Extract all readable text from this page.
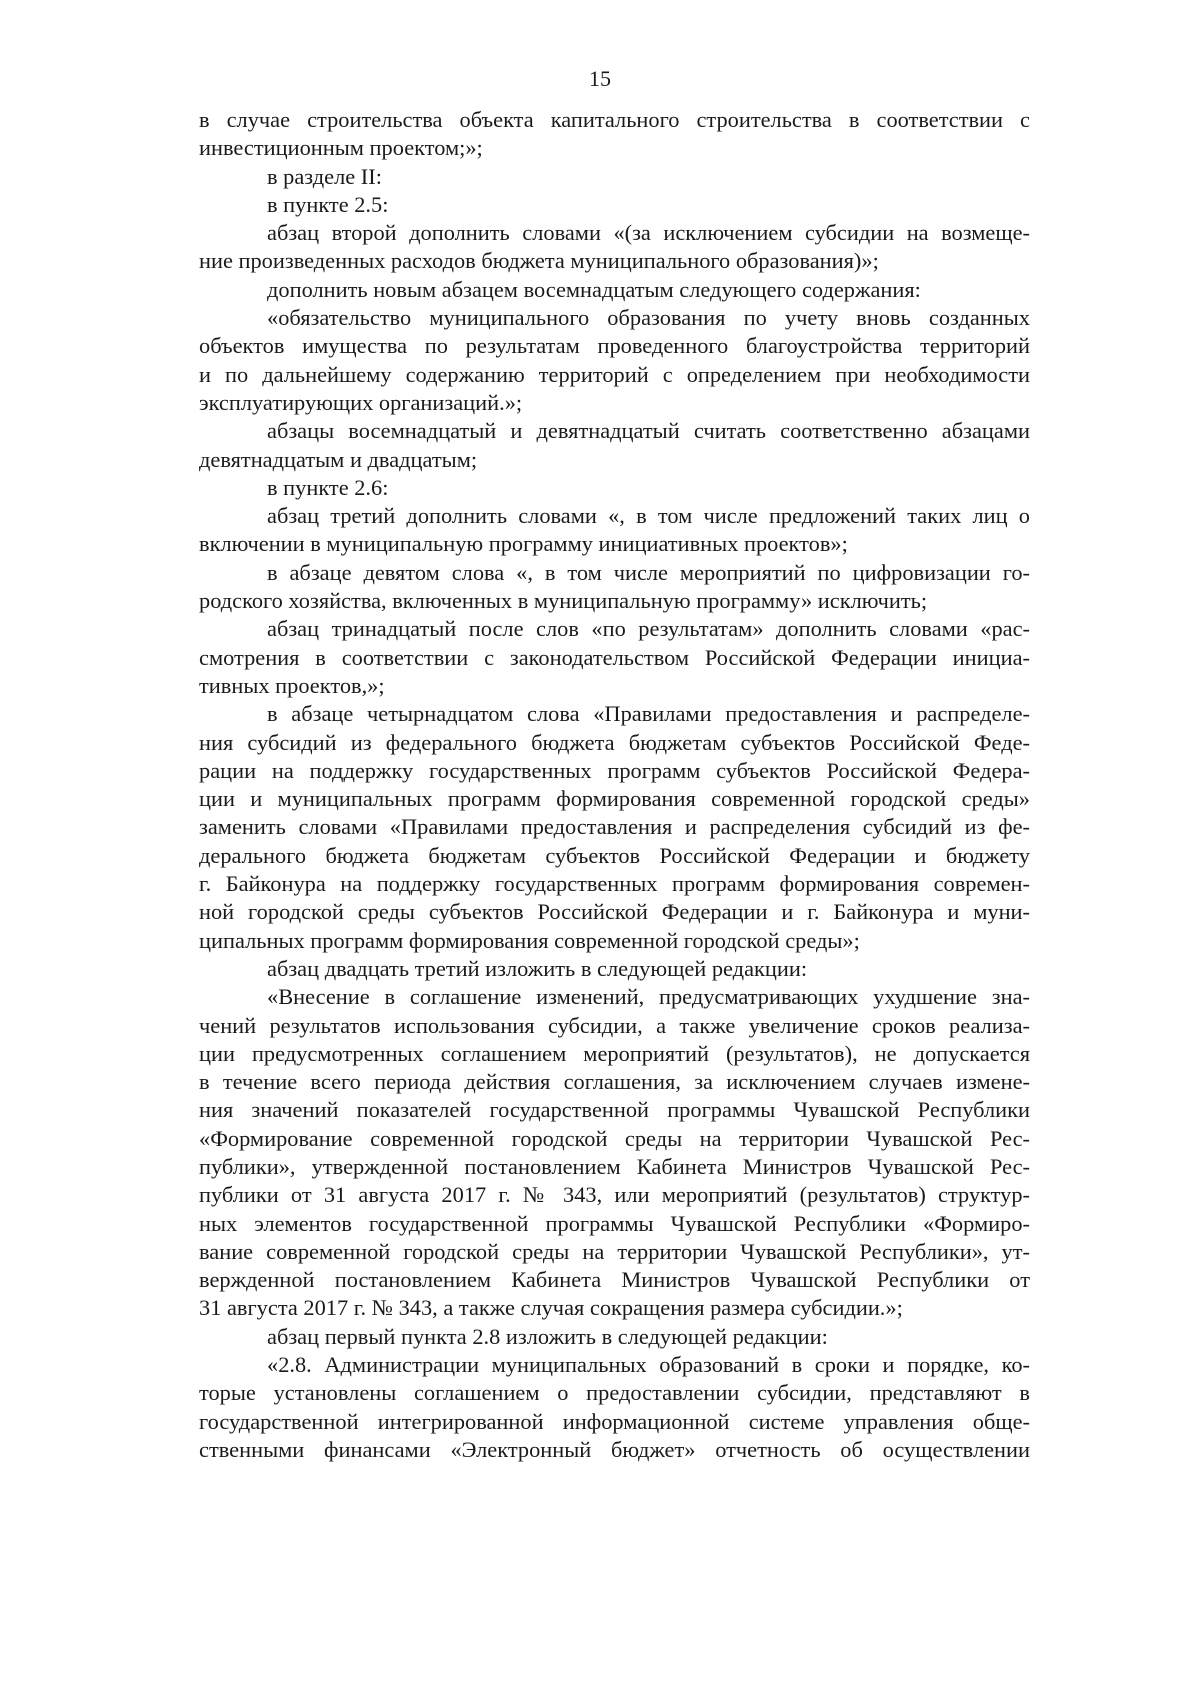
15
в случае строительства объекта капитального строительства в соответствии с
инвестиционным проектом;»;
в разделе II:
в пункте 2.5:
абзац второй дополнить словами «(за исключением субсидии на возмеще-
ние произведенных расходов бюджета муниципального образования)»;
дополнить новым абзацем восемнадцатым следующего содержания:
«обязательство муниципального образования по учету вновь созданных
объектов имущества по результатам проведенного благоустройства территорий
и по дальнейшему содержанию территорий с определением при необходимости
эксплуатирующих организаций.»;
абзацы восемнадцатый и девятнадцатый считать соответственно абзацами
девятнадцатым и двадцатым;
в пункте 2.6:
абзац третий дополнить словами «, в том числе предложений таких лиц о
включении в муниципальную программу инициативных проектов»;
в абзаце девятом слова «, в том числе мероприятий по цифровизации го-
родского хозяйства, включенных в муниципальную программу» исключить;
абзац тринадцатый после слов «по результатам» дополнить словами «рас-
смотрения в соответствии с законодательством Российской Федерации инициа-
тивных проектов,»;
в абзаце четырнадцатом слова «Правилами предоставления и распределе-
ния субсидий из федерального бюджета бюджетам субъектов Российской Феде-
рации на поддержку государственных программ субъектов Российской Федера-
ции и муниципальных программ формирования современной городской среды»
заменить словами «Правилами предоставления и распределения субсидий из фе-
дерального бюджета бюджетам субъектов Российской Федерации и бюджету
г. Байконура на поддержку государственных программ формирования современ-
ной городской среды субъектов Российской Федерации и г. Байконура и муни-
ципальных программ формирования современной городской среды»;
абзац двадцать третий изложить в следующей редакции:
«Внесение в соглашение изменений, предусматривающих ухудшение зна-
чений результатов использования субсидии, а также увеличение сроков реализа-
ции предусмотренных соглашением мероприятий (результатов), не допускается
в течение всего периода действия соглашения, за исключением случаев измене-
ния значений показателей государственной программы Чувашской Республики
«Формирование современной городской среды на территории Чувашской Рес-
публики», утвержденной постановлением Кабинета Министров Чувашской Рес-
публики от 31 августа 2017 г. № 343, или мероприятий (результатов) структур-
ных элементов государственной программы Чувашской Республики «Формиро-
вание современной городской среды на территории Чувашской Республики», ут-
вержденной постановлением Кабинета Министров Чувашской Республики от
31 августа 2017 г. № 343, а также случая сокращения размера субсидии.»;
абзац первый пункта 2.8 изложить в следующей редакции:
«2.8. Администрации муниципальных образований в сроки и порядке, ко-
торые установлены соглашением о предоставлении субсидии, представляют в
государственной интегрированной информационной системе управления обще-
ственными финансами «Электронный бюджет» отчетность об осуществлении
